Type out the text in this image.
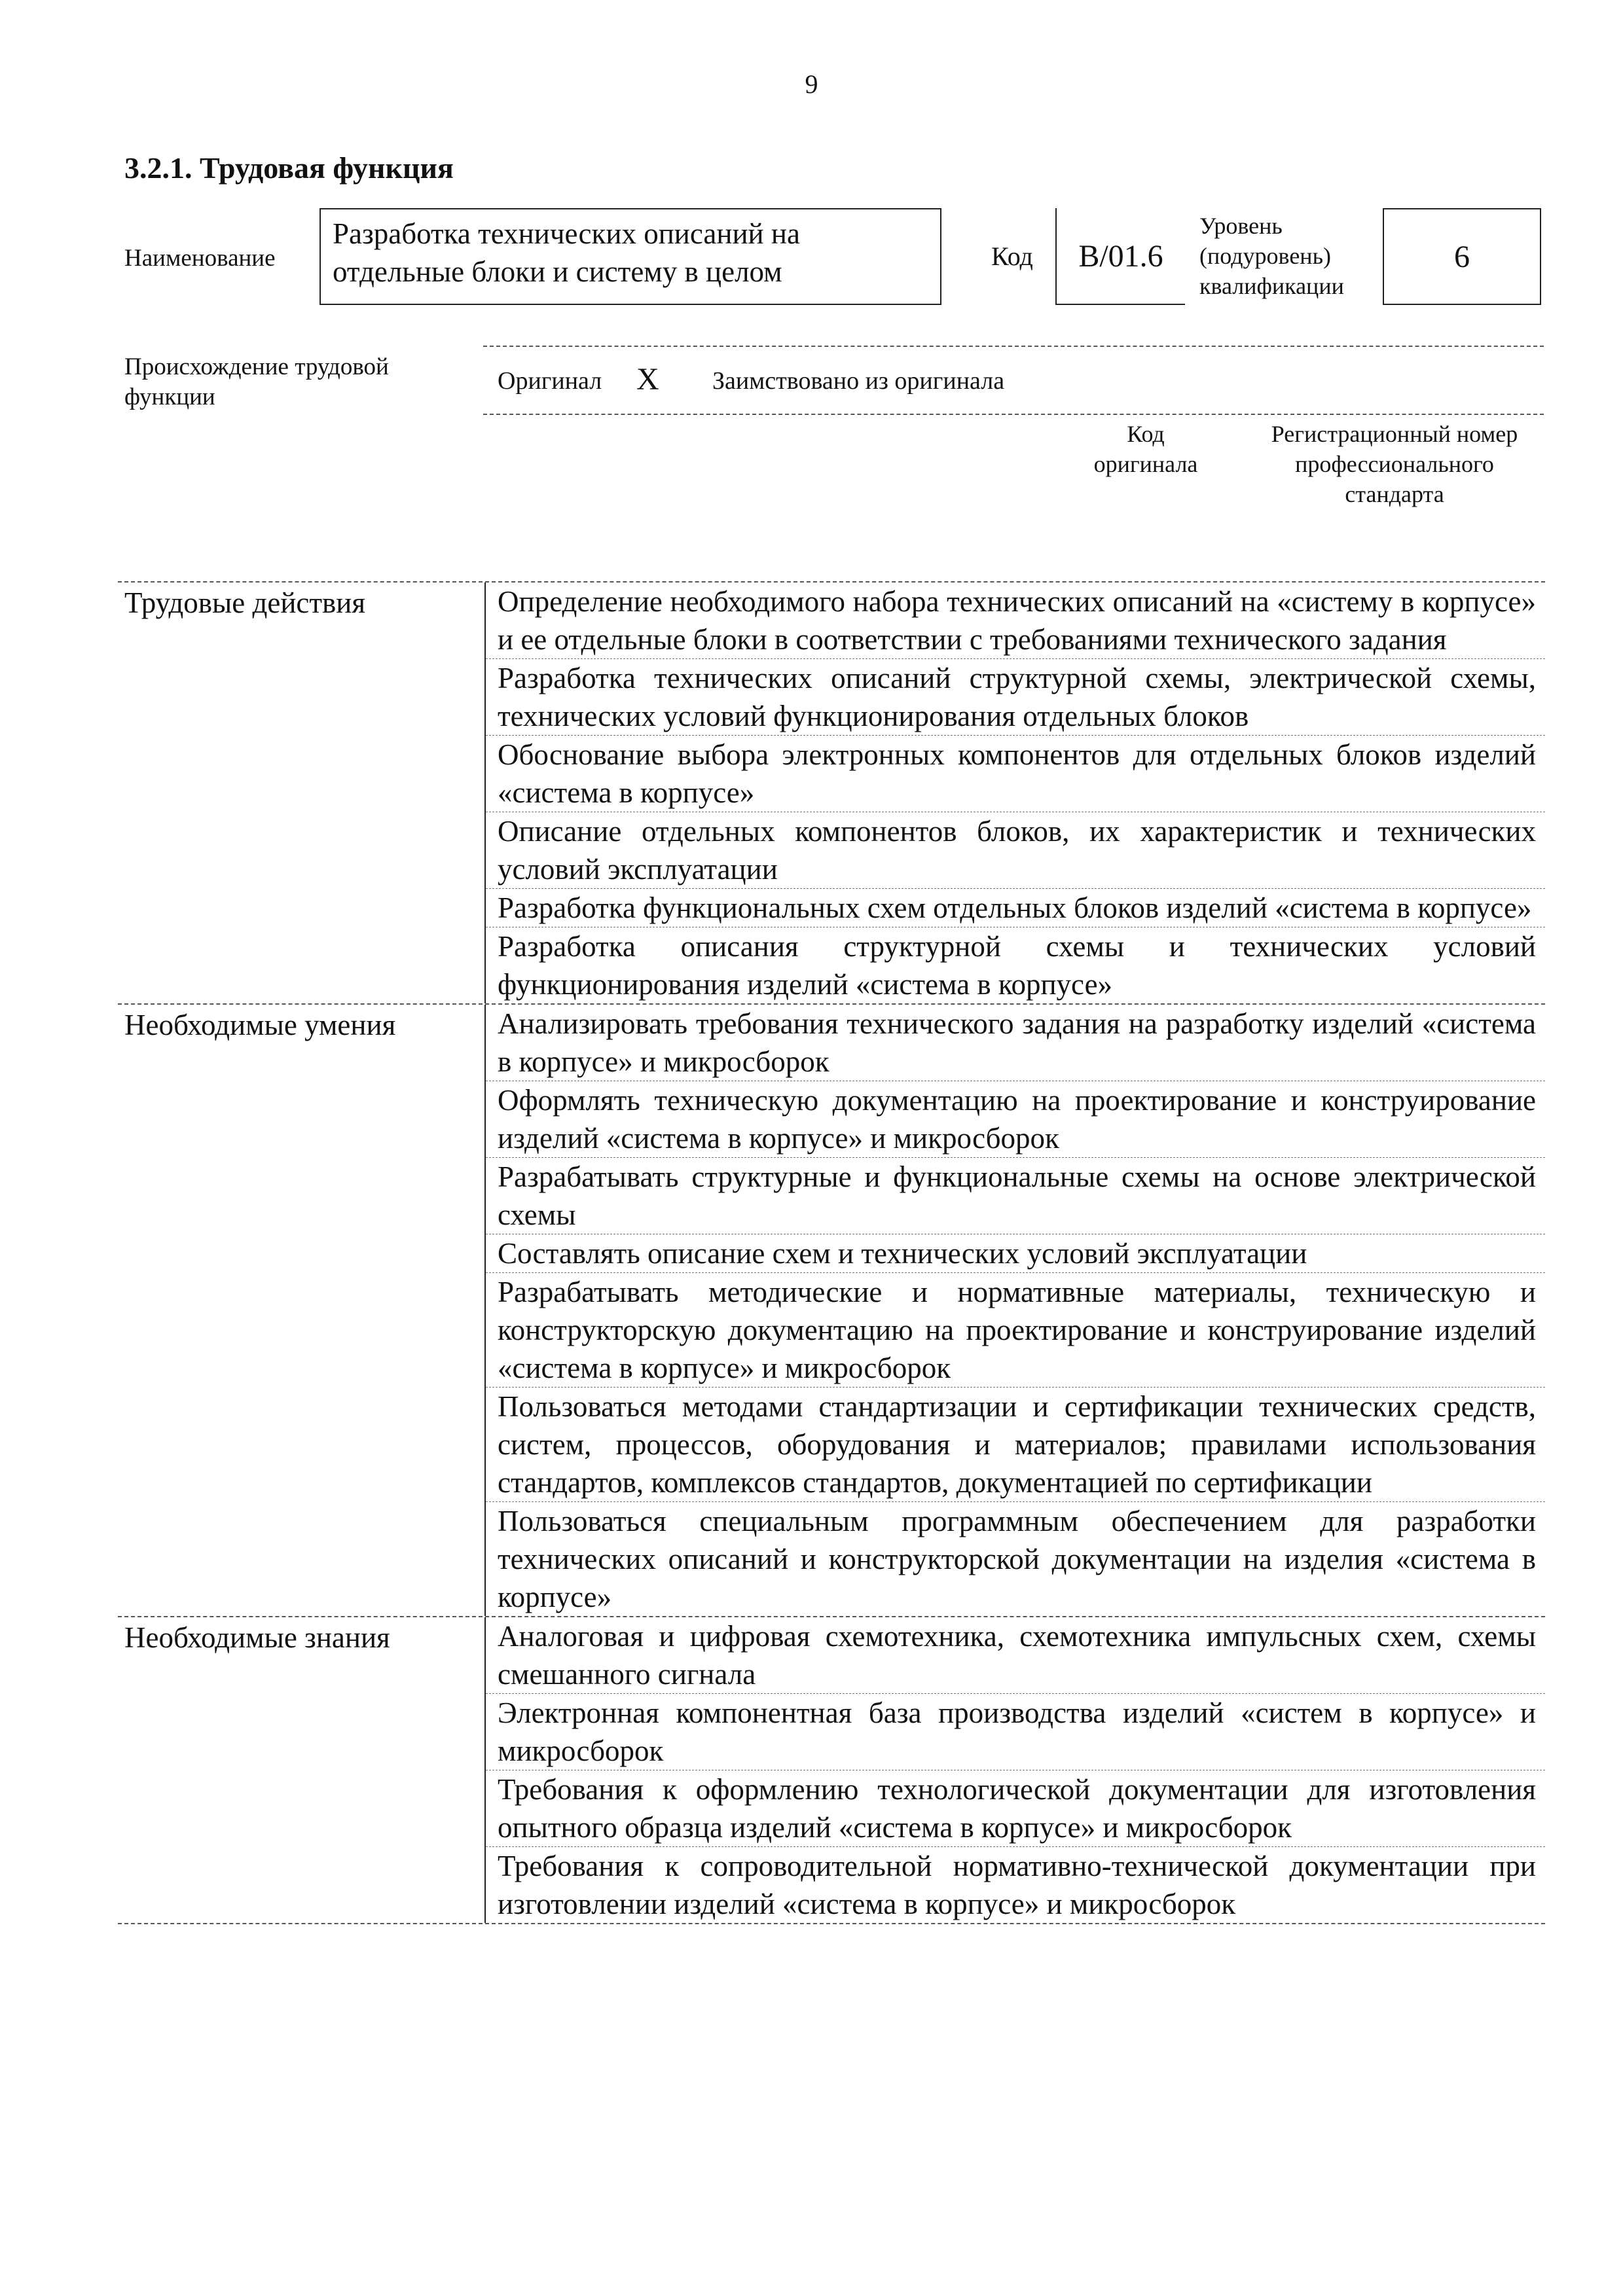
9
3.2.1. Трудовая функция
Наименование
Разработка технических описаний на отдельные блоки и систему в целом	Код	B/01.6
Уровень (подуровень) квалификации
6
Происхождение трудовой функции
Оригинал X Заимствовано из оригинала
Код оригинала
Регистрационный номер профессионального стандарта
Трудовые действия	Определение необходимого набора технических описаний на «систему в корпусе» и ее отдельные блоки в соответствии с требованиями технического задания
Разработка технических описаний структурной схемы, электрической схемы, технических условий функционирования отдельных блоков
Обоснование выбора электронных компонентов для отдельных блоков изделий «система в корпусе»
Описание отдельных компонентов блоков, их характеристик и технических условий эксплуатации
Разработка функциональных схем отдельных блоков изделий «система в корпусе»
Разработка описания структурной схемы и технических условий функционирования изделий «система в корпусе»
Необходимые умения	Анализировать требования технического задания на разработку изделий «система в корпусе» и микросборок
Оформлять техническую документацию на проектирование и конструирование изделий «система в корпусе» и микросборок
Разрабатывать структурные и функциональные схемы на основе электрической схемы
Составлять описание схем и технических условий эксплуатации
Разрабатывать методические и нормативные материалы, техническую и конструкторскую документацию на проектирование и конструирование изделий «система в корпусе» и микросборок
Пользоваться методами стандартизации и сертификации технических средств, систем, процессов, оборудования и материалов; правилами использования стандартов, комплексов стандартов, документацией по сертификации
Пользоваться специальным программным обеспечением для разработки технических описаний и конструкторской документации на изделия «система в корпусе»
Необходимые знания	Аналоговая и цифровая схемотехника, схемотехника импульсных схем, схемы смешанного сигнала
Электронная компонентная база производства изделий «систем в корпусе» и микросборок
Требования к оформлению технологической документации для изготовления опытного образца изделий «система в корпусе» и микросборок
Требования к сопроводительной нормативно-технической документации при изготовлении изделий «система в корпусе» и микросборок
